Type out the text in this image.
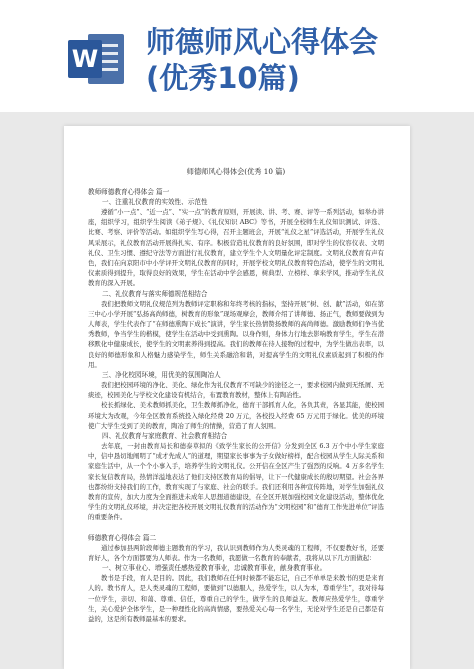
W 师德师风心得体会
(优秀10篇)
师德师风心得体会(优秀 10 篇)
教师师德教育心得体会 篇一
一、注重礼仪教育的实效性、示范性
遵循“小一点”、“近一点”、“实一点”的教育原则，开展读、讲、考、赛、评等一系列活动，如举办讲座，组织学习，组织学生阅读《弟子规》、《礼仪知识 ABC》等书，开展全校师生礼仪知识测试、评选、比赛、考察、评价等活动。如组织学生写心得，召开主题班会，开展“礼仪之星”评选活动，开展学生礼仪风采展示，礼仪教育活动开展得扎实、有序。积极营造礼仪教育的良好氛围，即对学生的仪容仪表、文明礼仪、卫生习惯、遵纪守法等方面进行礼仪教育，建立学生个人文明量化评定制度。文明礼仪教育有声有色，我们在向京阳市中小学评开文明礼仪教育的同时，开展学校文明礼仪教育特色活动，使学生的文明礼仪素质得到提升，取得良好的效果，学生在活动中学会感恩，树典型、立榜样、拿来学风，推动学生礼仪教育的深入开展。
二、礼仪教育与落实师德规范相结合
我们把教师文明礼仪规范列为教师评定职称和年终考核的指标，坚持开展“树、创、献”活动，如在第三中心小学开展“弘扬高尚师德，树教育的形象”现场观摩会，教师介绍了讲师德、扬正气，教师要做到为人师表，学生代表作了“在师德熏陶下成长”演讲，学生家长热情赞扬教师的高尚师德。激励教师们争当优秀教师，争当学生的楷模，使学生在活动中受到熏陶。以身作则，身体力行地去影响教育学生，学生在潜移默化中健康成长，使学生的文明素养得到提高。我们的教师在待人接物的过程中，为学生做出表率，以良好的师德形象和人格魅力感染学生，师生关系融洽和谐，对提高学生的文明礼仪素质起到了积极的作用。
三、净化校园环境，用优美的氛围陶冶人
我们把校园环境的净化、美化、绿化作为礼仪教育不可缺少的途径之一，要求校园内做到无纸屑、无痰迹，校园美化与学校文化建设有机结合，布置教育教材，整体上有陶冶性。
校长抓绿化、美术教师抓美化，卫生教师抓净化，德育干部抓育人化，各负其责，各显其能，使校园环境大为改观，今年全区教育系统投入绿化经费 20 万元，各校投入经费 65 万元用于绿化。优美的环境使广大学生受到了美的教育，陶冶了师生的情操，营造了育人氛围。
四、礼仪教育与家庭教育、社会教育相结合
去年底，一封由教育局长和德泰草拟的《致学生家长的公开信》分发到全区 6.3 万个中小学生家庭中，信中恳切地阐明了“成才先成人”的道理，期望家长事事为子女做好榜样，配合校园从学生人际关系和家庭生活中，从一个个小事入手，培养学生的文明礼仪。公开信在全区产生了强烈的反响。4 万多名学生家长复信教育局，热情洋溢地表达了他们支持区教育局的倡导，让下一代健康成长的殷切期望。社会各界也都纷纷支持我们的工作，教育实现了与家庭、社会的联手。我们还利用各种宣传阵地，对学生加强礼仪教育的宣传，加大力度为全面推进未成年人思想道德建设，在全区开展加强校园文化建设活动，整体优化学生的文明礼仪环境，并决定把各校开展文明礼仪教育的活动作为“文明校园”和“德育工作先进单位”评选的重要条件。
师德教育心得体会 篇二
通过参加县两阶段师德主题教育的学习，我认识到教师作为人类灵魂的工程师，不仅要教好书，还要育好人，各个方面都要为人师表。作为一名教师，我愿做一名教育的奉献者，我将从以下几方面做起：
一、树立事业心、增强责任感热爱教育事业，忠诚教育事业，献身教育事业。
教书是手段，育人是目的。因此，我们教师在任何时候都不能忘记，自己不单单是来教书的更是来育人的。教书育人，是人类灵魂的工程师，要做到“以德服人，热爱学生，以人为本，尊重学生”，我对待每一位学生，亲切、和蔼、尊重、信任，尊重自己的学生，做学生的良师益友。教师应热爱学生，尊重学生，关心爱护全体学生，是一种理性化的高尚情感，要热爱关心每一名学生，无论对学生还是自己都是有益的，这是所有教师最基本的要求。
